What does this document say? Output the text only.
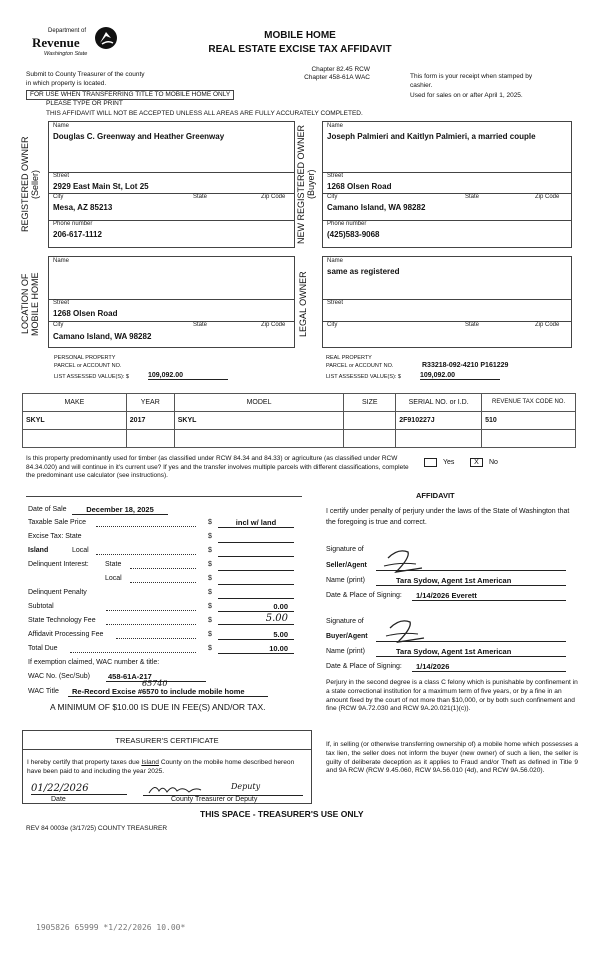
Department of
Revenue
Washington State
MOBILE HOME
REAL ESTATE EXCISE TAX AFFIDAVIT
Chapter 82.45 RCW
Chapter 458-61A WAC
Submit to County Treasurer of the county
in which property is located.
This form is your receipt when stamped by
cashier.
Used for sales on or after April 1, 2025.
FOR USE WHEN TRANSFERRING TITLE TO MOBILE HOME ONLY
PLEASE TYPE OR PRINT
THIS AFFIDAVIT WILL NOT BE ACCEPTED UNLESS ALL AREAS ARE FULLY ACCURATELY COMPLETED.
REGISTERED OWNER (Seller)
Name
Douglas C. Greenway and Heather Greenway
Street
2929 East Main St, Lot 25
City	State	Zip Code
Mesa, AZ 85213
Phone number
206-617-1112	NEW REGISTERED OWNER (Buyer)
Name
Joseph Palmieri and Kaitlyn Palmieri, a married couple
Street
1268 Olsen Road
City	State	Zip Code
Camano Island, WA 98282
Phone number
(425)583-9068
LOCATION OF MOBILE HOME
Name
Street
1268 Olsen Road
City	State	Zip Code
Camano Island, WA 98282	LEGAL OWNER
Name
same as registered
Street
City	State	Zip Code
PERSONAL PROPERTY
PARCEL or ACCOUNT NO.
LIST ASSESSED VALUE(S): $	109,092.00
REAL PROPERTY
PARCEL or ACCOUNT NO.	R33218-092-4210 P161229
LIST ASSESSED VALUE(S): $	109,092.00
MAKE	YEAR	MODEL	SIZE	SERIAL NO. or I.D.	REVENUE TAX CODE NO.
SKYL	2017	SKYL		2F910227J	510

Is this property predominantly used for timber (as classified under RCW 84.34 and 84.33) or agriculture (as classified under RCW 84.34.020) and will continue in it's current use? If yes and the transfer involves multiple parcels with different classifications, complete the predominant use calculator (see instructions).
Yes	X No
Date of Sale	December 18, 2025
Taxable Sale Price	$	incl w/ land
Excise Tax: State	$
Island	Local	$
Delinquent Interest: State	$
Local	$
Delinquent Penalty	$
Subtotal	$	0.00
State Technology Fee	$	5.00
Affidavit Processing Fee	$	5.00
Total Due	$	10.00
If exemption claimed, WAC number & title:
WAC No. (Sec/Sub) 458-61A-217
WAC Title	Re-Record Excise #6570 to include mobile home
65740
A MINIMUM OF $10.00 IS DUE IN FEE(S) AND/OR TAX.
AFFIDAVIT
I certify under penalty of perjury under the laws of the State of Washington that the foregoing is true and correct.
Signature of
Seller/Agent
Name (print)	Tara Sydow, Agent 1st American
Date & Place of Signing:	1/14/2026 Everett
Signature of
Buyer/Agent
Name (print)	Tara Sydow, Agent 1st American
Date & Place of Signing:	1/14/2026
Perjury in the second degree is a class C felony which is punishable by confinement in a state correctional institution for a maximum term of five years, or by a fine in an amount fixed by the court of not more than $10,000, or by both such confinement and fine (RCW 9A.72.030 and RCW 9A.20.021(1)(c)).
If, in selling (or otherwise transferring ownership of) a mobile home which possesses a tax lien, the seller does not inform the buyer (new owner) of such a lien, the seller is guilty of deliberate deception as it applies to Fraud and/or Theft as defined in Title 9 and 9A RCW (RCW 9.45.060, RCW 9A.56.010 (4d), and RCW 9A.56.020).
TREASURER'S CERTIFICATE
I hereby certify that property taxes due Island County on the mobile home described hereon have been paid to and including the year 2025.
01/22/2026
Date
Deputy
County Treasurer or Deputy
THIS SPACE - TREASURER'S USE ONLY
REV 84 0003e (3/17/25) COUNTY TREASURER
1905826 65999 *1/22/2026 10.00*
